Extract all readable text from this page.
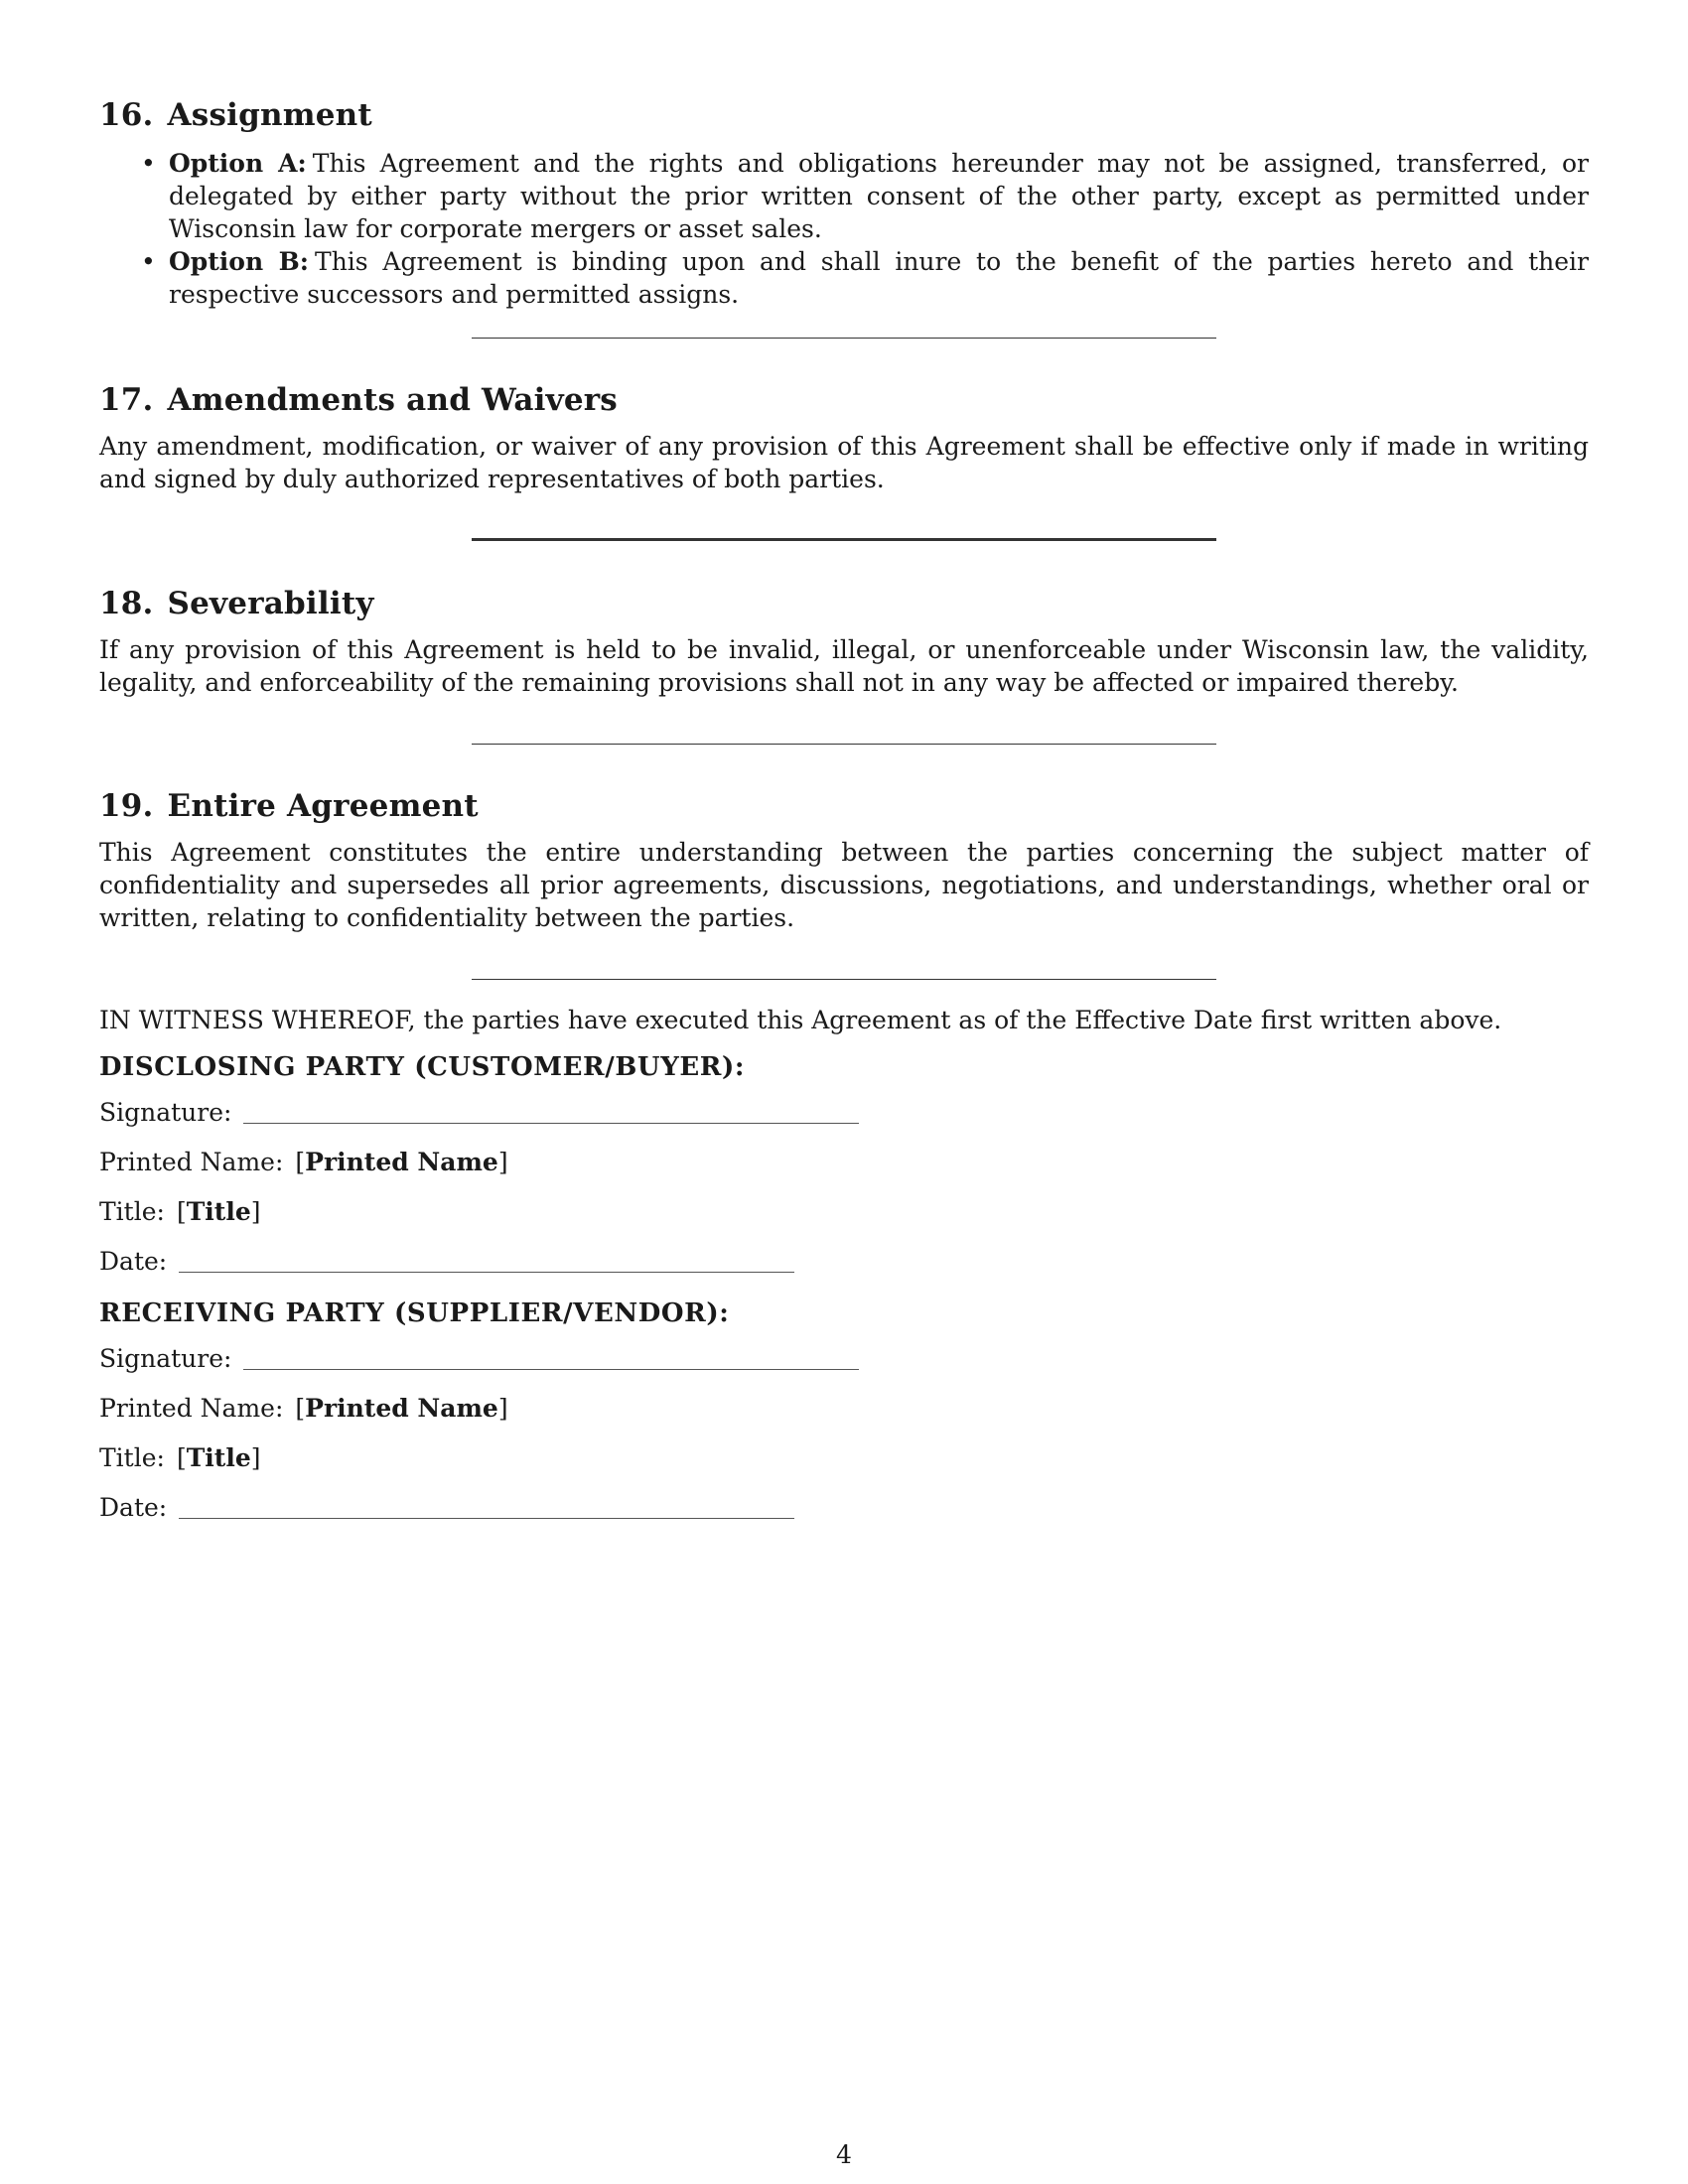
16. Assignment
• Option A: This Agreement and the rights and obligations hereunder may not be assigned, transferred, or delegated by either party without the prior written consent of the other party, except as permitted under Wisconsin law for corporate mergers or asset sales.
• Option B: This Agreement is binding upon and shall inure to the benefit of the parties hereto and their respective successors and permitted assigns.
17. Amendments and Waivers

Any amendment, modification, or waiver of any provision of this Agreement shall be effective only if made in writing and signed by duly authorized representatives of both parties.

18. Severability

If any provision of this Agreement is held to be invalid, illegal, or unenforceable under Wisconsin law, the validity, legality, and enforceability of the remaining provisions shall not in any way be affected or impaired thereby.

19. Entire Agreement

This Agreement constitutes the entire understanding between the parties concerning the subject matter of confidentiality and supersedes all prior agreements, discussions, negotiations, and understandings, whether oral or written, relating to confidentiality between the parties.

IN WITNESS WHEREOF, the parties have executed this Agreement as of the Effective Date first written above.

DISCLOSING PARTY (CUSTOMER/BUYER):

Signature:
Printed Name: [Printed Name]
Title: [Title]
Date:

RECEIVING PARTY (SUPPLIER/VENDOR):

Signature:
Printed Name: [Printed Name]
Title: [Title]
Date:
4
